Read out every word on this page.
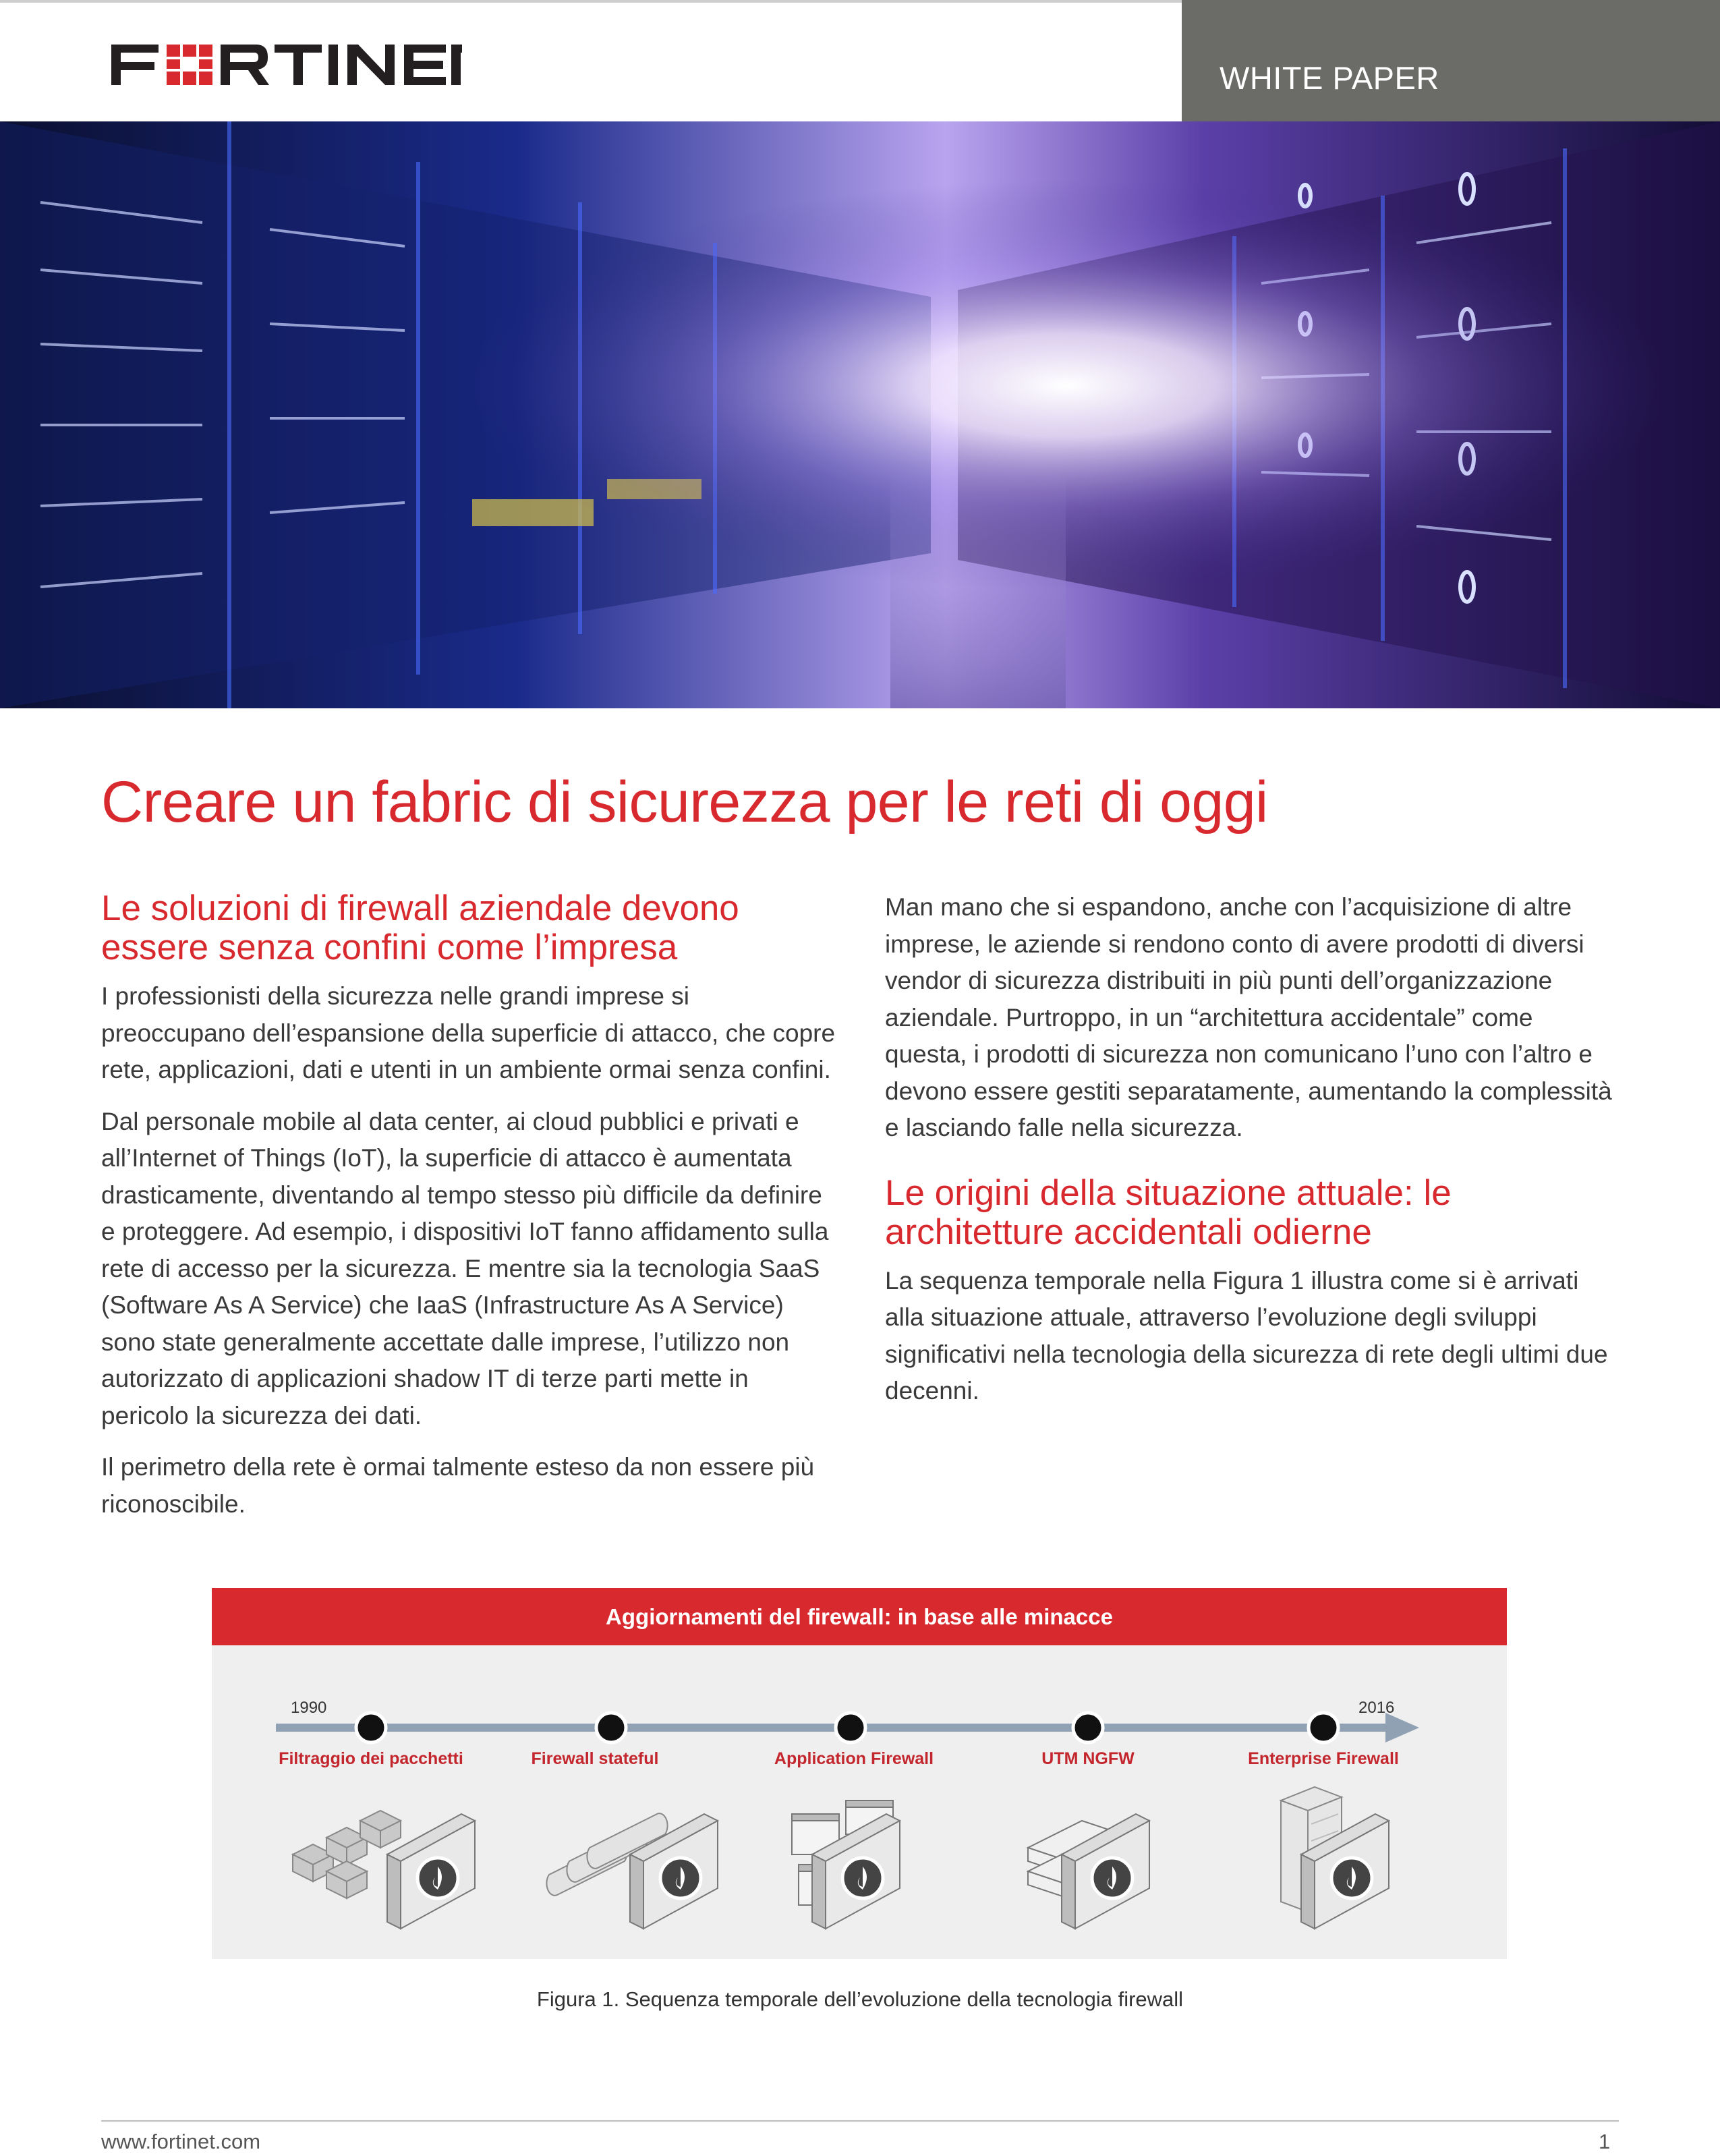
WHITE PAPER
Creare un fabric di sicurezza per le reti di oggi
Le soluzioni di firewall aziendale devono essere senza confini come l’impresa

I professionisti della sicurezza nelle grandi imprese si preoccupano dell’espansione della superficie di attacco, che copre rete, applicazioni, dati e utenti in un ambiente ormai senza confini.

Dal personale mobile al data center, ai cloud pubblici e privati e all’Internet of Things (IoT), la superficie di attacco è aumentata drasticamente, diventando al tempo stesso più difficile da definire e proteggere. Ad esempio, i dispositivi IoT fanno affidamento sulla rete di accesso per la sicurezza. E mentre sia la tecnologia SaaS (Software As A Service) che IaaS (Infrastructure As A Service) sono state generalmente accettate dalle imprese, l’utilizzo non autorizzato di applicazioni shadow IT di terze parti mette in pericolo la sicurezza dei dati.

Il perimetro della rete è ormai talmente esteso da non essere più riconoscibile.

Man mano che si espandono, anche con l’acquisizione di altre imprese, le aziende si rendono conto di avere prodotti di diversi vendor di sicurezza distribuiti in più punti dell’organizzazione aziendale. Purtroppo, in un “architettura accidentale” come questa, i prodotti di sicurezza non comunicano l’uno con l’altro e devono essere gestiti separatamente, aumentando la complessità e lasciando falle nella sicurezza.

Le origini della situazione attuale: le architetture accidentali odierne

La sequenza temporale nella Figura 1 illustra come si è arrivati alla situazione attuale, attraverso l’evoluzione degli sviluppi significativi nella tecnologia della sicurezza di rete degli ultimi due decenni.

Aggiornamenti del firewall: in base alle minacce
1990	2016
Filtraggio dei pacchetti	Firewall stateful	Application Firewall	UTM NGFW	Enterprise Firewall
Figura 1. Sequenza temporale dell’evoluzione della tecnologia firewall
www.fortinet.com	1
